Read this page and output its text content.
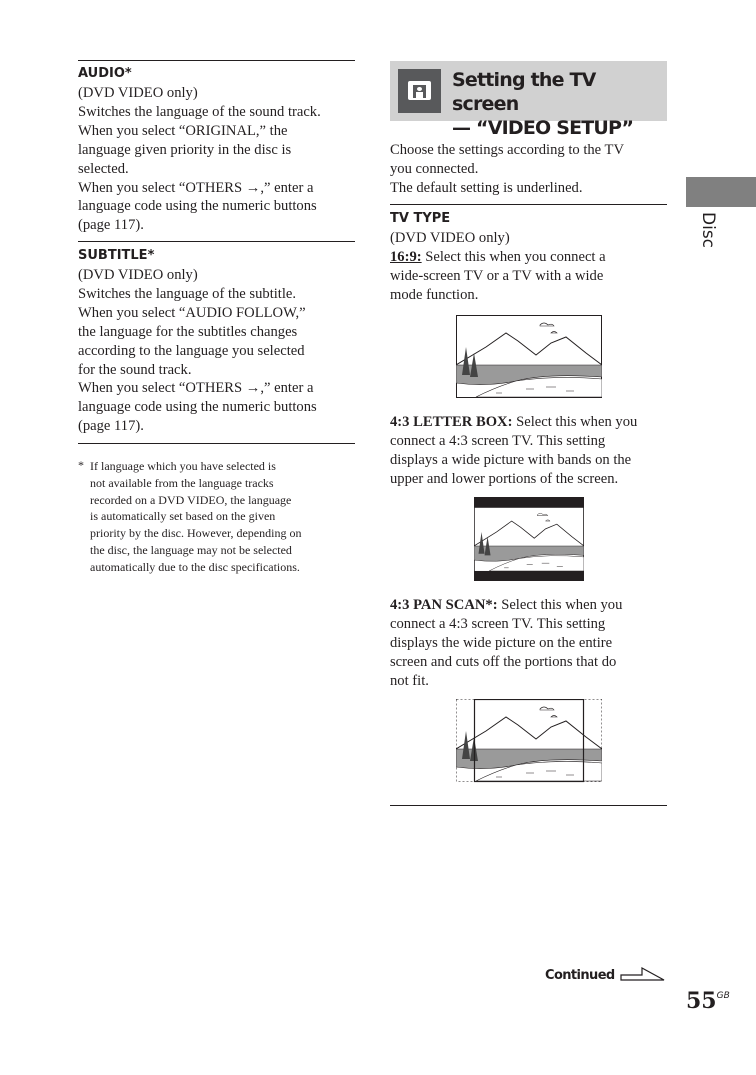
AUDIO*
(DVD VIDEO only)
Switches the language of the sound track.
When you select “ORIGINAL,” the
language given priority in the disc is
selected.
When you select “OTHERS →,” enter a
language code using the numeric buttons
(page 117).
SUBTITLE*
(DVD VIDEO only)
Switches the language of the subtitle.
When you select “AUDIO FOLLOW,”
the language for the subtitles changes
according to the language you selected
for the sound track.
When you select “OTHERS →,” enter a
language code using the numeric buttons
(page 117).
* If language which you have selected is
not available from the language tracks
recorded on a DVD VIDEO, the language
is automatically set based on the given
priority by the disc. However, depending on
the disc, the language may not be selected
automatically due to the disc specifications.
Setting the TV screen
— “VIDEO SETUP”
Choose the settings according to the TV
you connected.
The default setting is underlined.
TV TYPE
(DVD VIDEO only)
16:9: Select this when you connect a
wide-screen TV or a TV with a wide
mode function.
4:3 LETTER BOX: Select this when you
connect a 4:3 screen TV. This setting
displays a wide picture with bands on the
upper and lower portions of the screen.
4:3 PAN SCAN*: Select this when you
connect a 4:3 screen TV. This setting
displays the wide picture on the entire
screen and cuts off the portions that do
not fit.
Disc
Continued
$55^{GB}$
